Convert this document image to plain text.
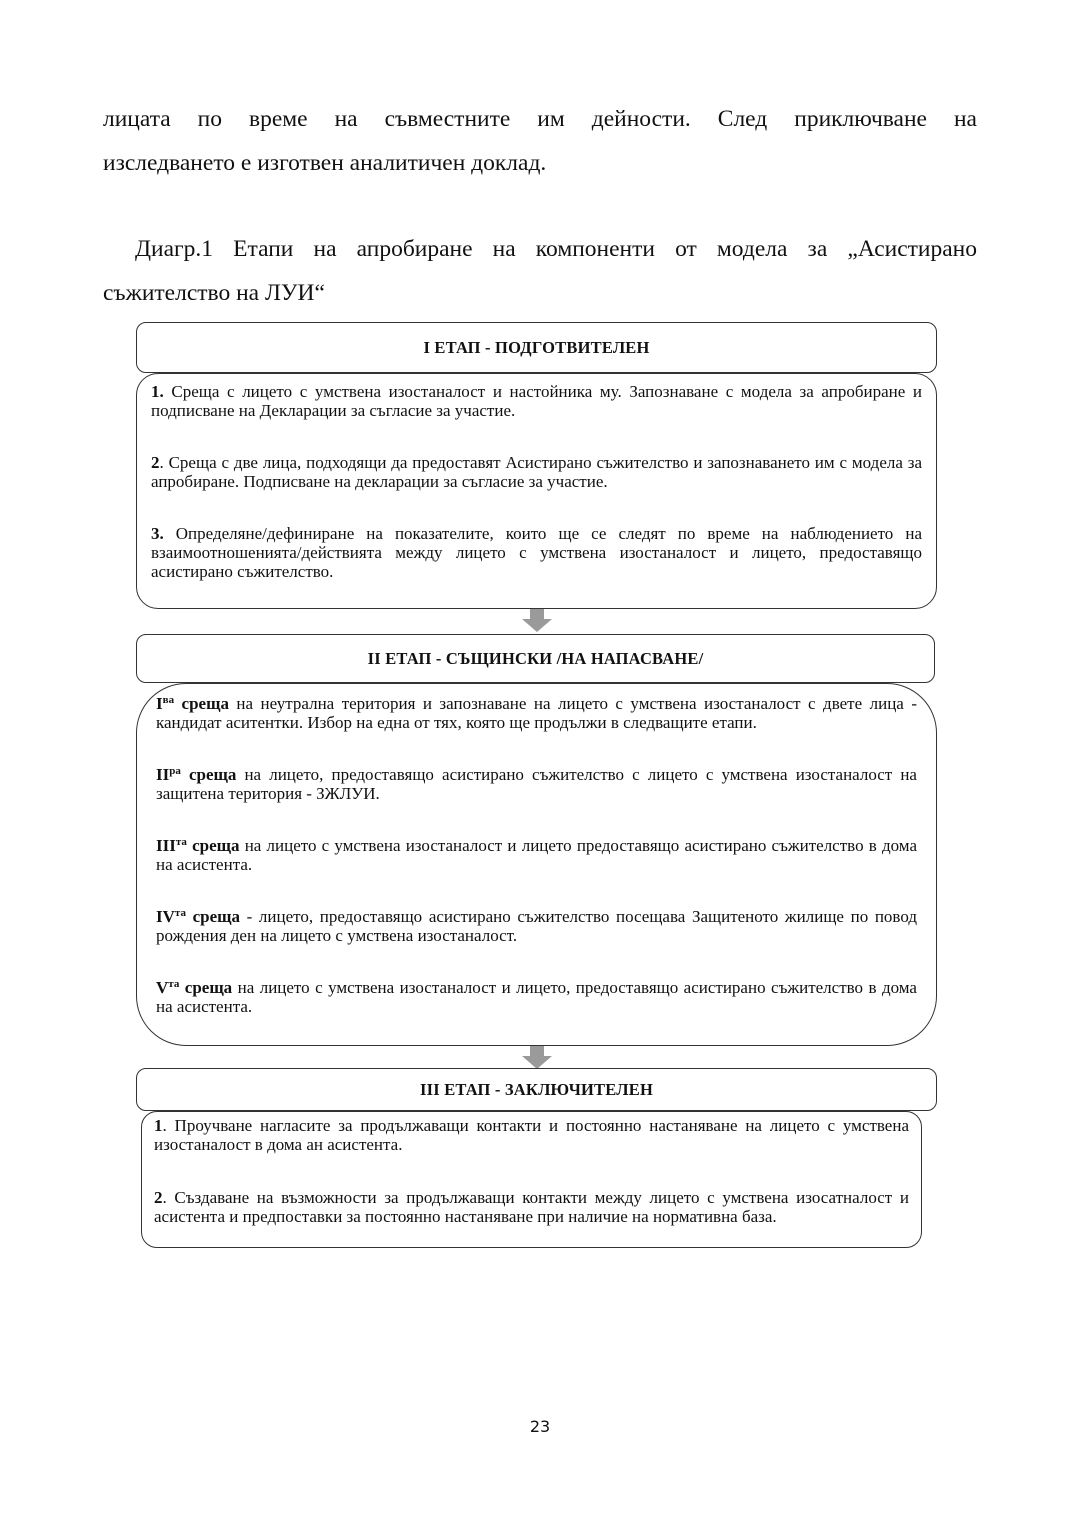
лицата по време на съвместните им дейности. След приключване на
изследването е изготвен аналитичен доклад.
Диагр.1 Етапи на апробиране на компоненти от модела за „Асистирано
съжителство на ЛУИ“
I ЕТАП - ПОДГОТВИТЕЛЕН

1. Среща с лицето с умствена изостаналост и настойника му. Запознаване с модела за апробиране и подписване на Декларации за съгласие за участие.

2. Среща с две лица, подходящи да предоставят Асистирано съжителство и запознаването им с модела за апробиране. Подписване на декларации за съгласие за участие.

3. Определяне/дефиниране на показателите, които ще се следят по време на наблюдението на взаимоотношенията/действията между лицето с умствена изостаналост и лицето, предоставящо асистирано съжителство.

II ЕТАП - СЪЩИНСКИ /НА НАПАСВАНЕ/

$I^{ва}$ среща на неутрална територия и запознаване на лицето с умствена изостаналост с двете лица - кандидат аситентки. Избор на една от тях, която ще продължи в следващите етапи.

$II^{ра}$ среща на лицето, предоставящо асистирано съжителство с лицето с умствена изостаналост на защитена територия - ЗЖЛУИ.

$III^{та}$ среща на лицето с умствена изостаналост и лицето предоставящо асистирано съжителство в дома на асистента.

$IV^{та}$ среща - лицето, предоставящо асистирано съжителство посещава Защитеното жилище по повод рождения ден на лицето с умствена изостаналост.

$V^{та}$ среща на лицето с умствена изостаналост и лицето, предоставящо асистирано съжителство в дома на асистента.

III ЕТАП - ЗАКЛЮЧИТЕЛЕН

1. Проучване нагласите за продължаващи контакти и постоянно настаняване на лицето с умствена изостаналост в дома ан асистента.

2. Създаване на възможности за продължаващи контакти между лицето с умствена изосатналост и асистента и предпоставки за постоянно настаняване при наличие на нормативна база.

23
